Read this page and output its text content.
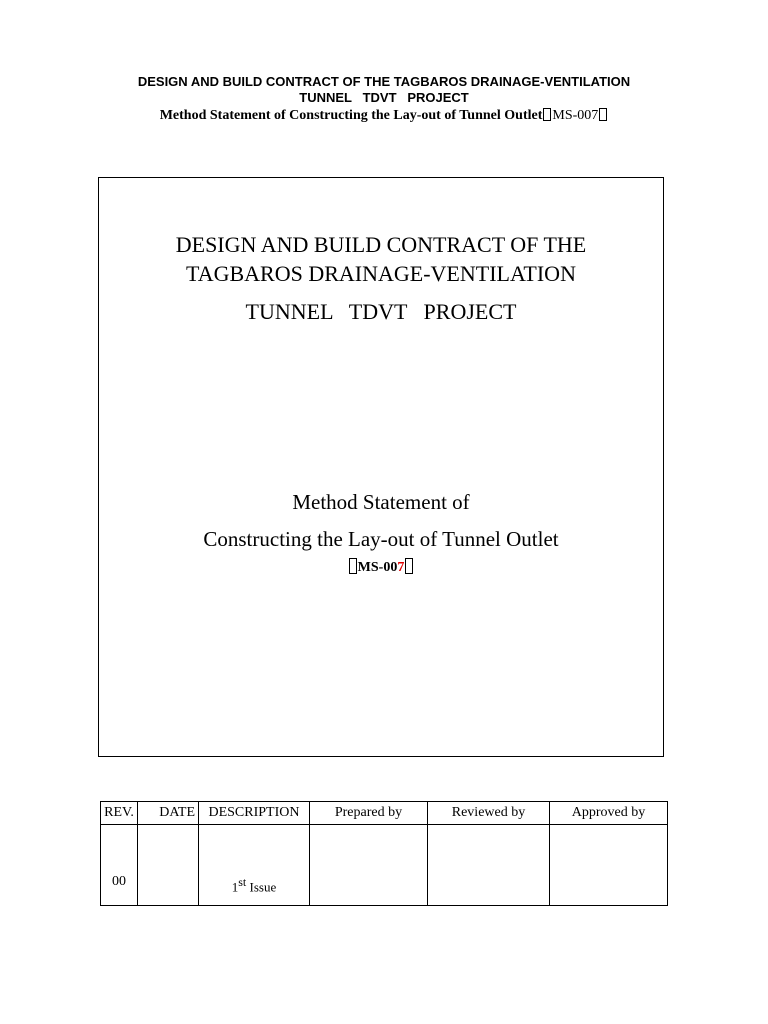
DESIGN AND BUILD CONTRACT OF THE TAGBAROS DRAINAGE-VENTILATION
TUNNEL   TDVT   PROJECT
Method Statement of Constructing the Lay-out of Tunnel Outlet MS-007
DESIGN AND BUILD CONTRACT OF THE
TAGBAROS DRAINAGE-VENTILATION
TUNNEL   TDVT   PROJECT
Method Statement of
Constructing the Lay-out of Tunnel Outlet
MS-007
REV.	DATE	DESCRIPTION	Prepared by	Reviewed by	Approved by

00		1st Issue			
